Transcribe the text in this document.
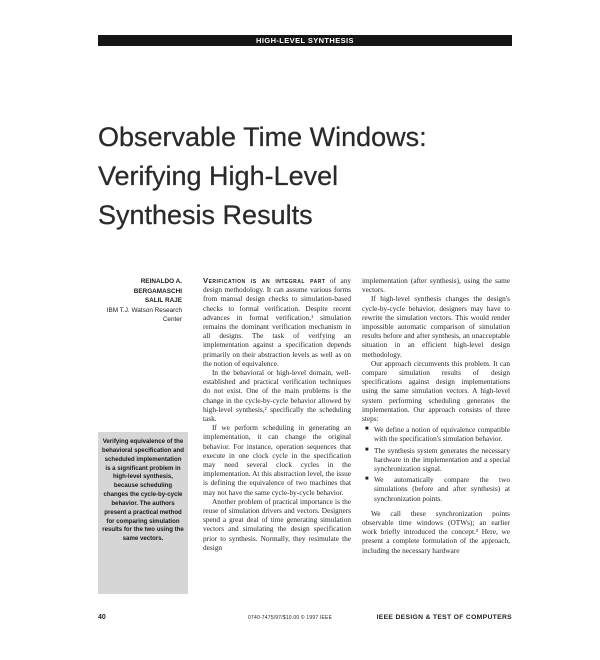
HIGH-LEVEL SYNTHESIS
Observable Time Windows:
Verifying High-Level
Synthesis Results
REINALDO A. BERGAMASCHI
SALIL RAJE
IBM T.J. Watson Research
Center

Verifying equivalence of the behavioral specification and scheduled implementation is a significant problem in high-level synthesis, because scheduling changes the cycle-by-cycle behavior. The authors present a practical method for comparing simulation results for the two using the same vectors.

Verification is an integral part of any design methodology. It can assume various forms from manual design checks to simulation-based checks to formal verification. Despite recent advances in formal verification,¹ simulation remains the dominant verification mechanism in all designs. The task of verifying an implementation against a specification depends primarily on their abstraction levels as well as on the notion of equivalence.

In the behavioral or high-level domain, well-established and practical verification techniques do not exist. One of the main problems is the change in the cycle-by-cycle behavior allowed by high-level synthesis,² specifically the scheduling task.

If we perform scheduling in generating an implementation, it can change the original behavior. For instance, operation sequences that execute in one clock cycle in the specification may need several clock cycles in the implementation. At this abstraction level, the issue is defining the equivalence of two machines that may not have the same cycle-by-cycle behavior.

Another problem of practical importance is the reuse of simulation drivers and vectors. Designers spend a great deal of time generating simulation vectors and simulating the design specification prior to synthesis. Normally, they resimulate the design

implementation (after synthesis), using the same vectors.

If high-level synthesis changes the design's cycle-by-cycle behavior, designers may have to rewrite the simulation vectors. This would render impossible automatic comparison of simulation results before and after synthesis, an unacceptable situation in an efficient high-level design methodology.

Our approach circumvents this problem. It can compare simulation results of design specifications against design implementations using the same simulation vectors. A high-level system performing scheduling generates the implementation. Our approach consists of three steps:

■ We define a notion of equivalence compatible with the specification's simulation behavior.

■ The synthesis system generates the necessary hardware in the implementation and a special synchronization signal.

■ We automatically compare the two simulations (before and after synthesis) at synchronization points.

We call these synchronization points observable time windows (OTWs); an earlier work briefly introduced the concept.³ Here, we present a complete formulation of the approach, including the necessary hardware

40	0740-7475/97/$10.00 © 1997 IEEE	IEEE DESIGN & TEST OF COMPUTERS
